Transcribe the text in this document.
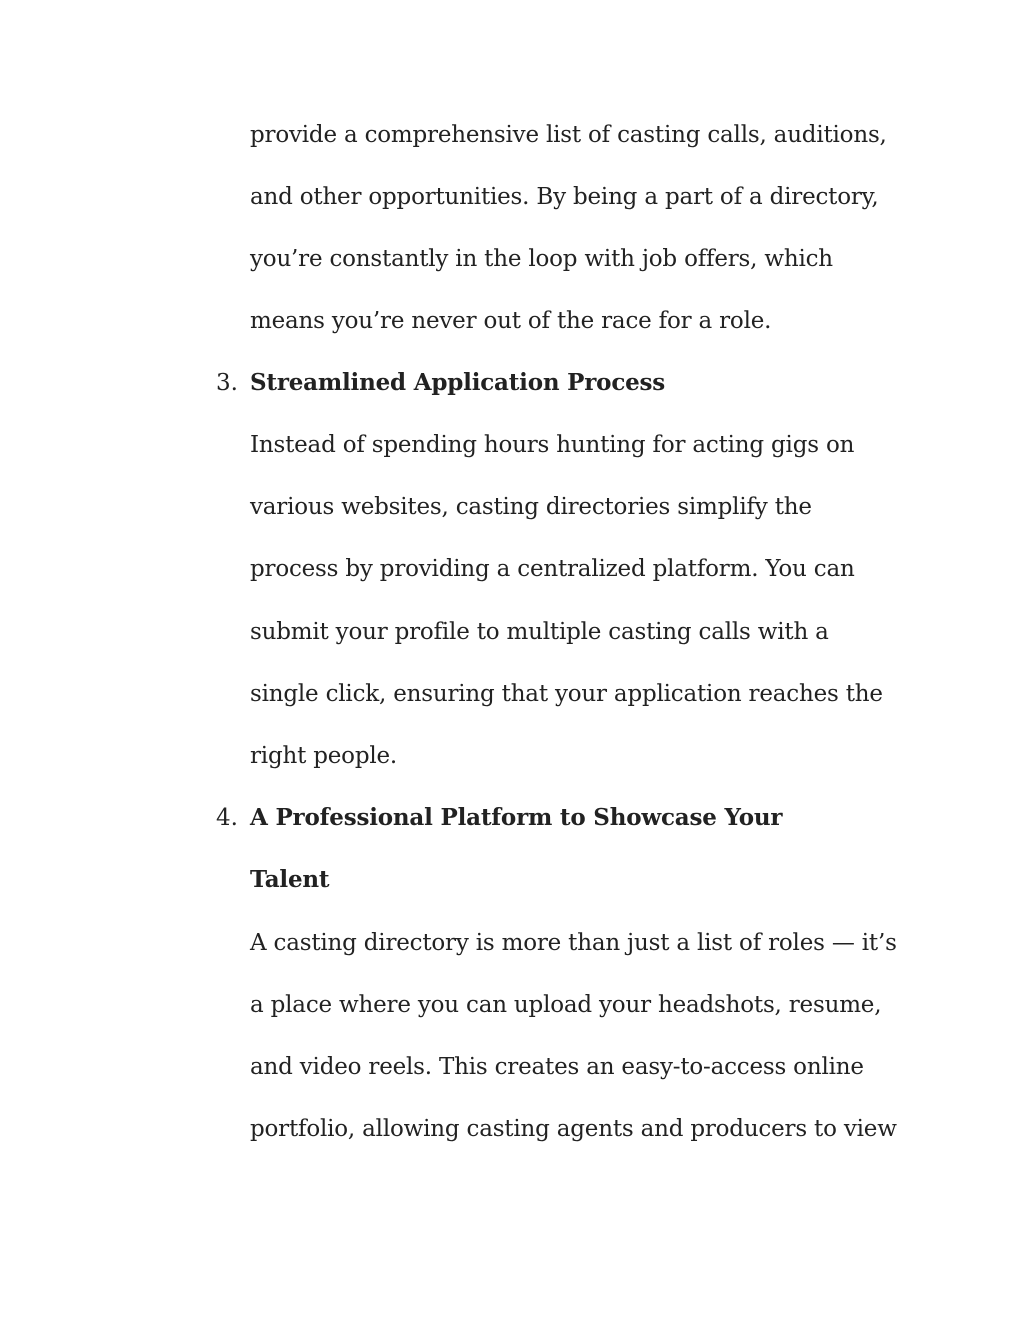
provide a comprehensive list of casting calls, auditions,
and other opportunities. By being a part of a directory,
you’re constantly in the loop with job offers, which
means you’re never out of the race for a role.
3. Streamlined Application Process
Instead of spending hours hunting for acting gigs on
various websites, casting directories simplify the
process by providing a centralized platform. You can
submit your profile to multiple casting calls with a
single click, ensuring that your application reaches the
right people.
4. A Professional Platform to Showcase Your
Talent
A casting directory is more than just a list of roles — it’s
a place where you can upload your headshots, resume,
and video reels. This creates an easy-to-access online
portfolio, allowing casting agents and producers to view
